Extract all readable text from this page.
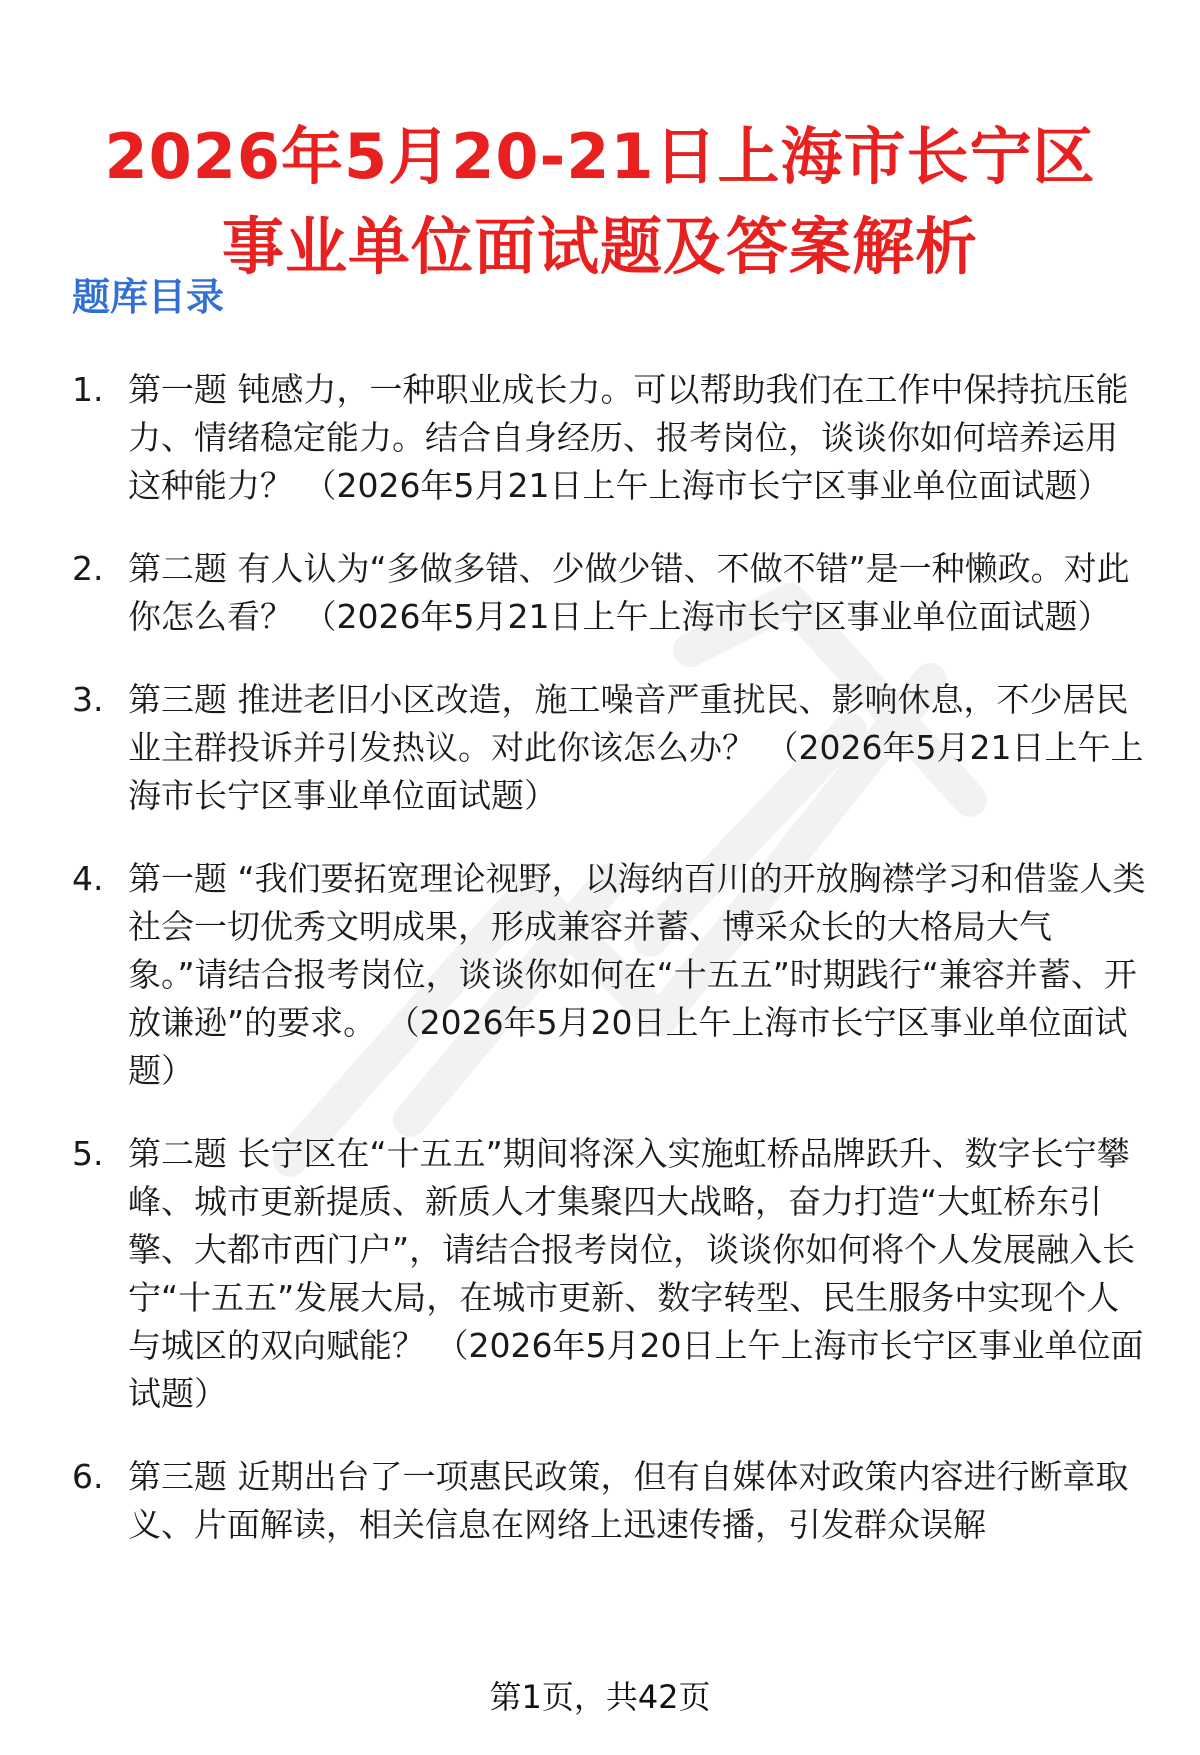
2026年5月20-21日上海市长宁区
事业单位面试题及答案解析
题库目录
1. 第一题 钝感力，一种职业成长力。可以帮助我们在工作中保持抗压能力、情绪稳定能力。结合自身经历、报考岗位，谈谈你如何培养运用这种能力？ （2026年5月21日上午上海市长宁区事业单位面试题）
2. 第二题 有人认为“多做多错、少做少错、不做不错”是一种懒政。对此你怎么看？ （2026年5月21日上午上海市长宁区事业单位面试题）
3. 第三题 推进老旧小区改造，施工噪音严重扰民、影响休息，不少居民业主群投诉并引发热议。对此你该怎么办？ （2026年5月21日上午上海市长宁区事业单位面试题）
4. 第一题 “我们要拓宽理论视野，以海纳百川的开放胸襟学习和借鉴人类社会一切优秀文明成果，形成兼容并蓄、博采众长的大格局大气象。”请结合报考岗位，谈谈你如何在“十五五”时期践行“兼容并蓄、开放谦逊”的要求。 （2026年5月20日上午上海市长宁区事业单位面试题）
5. 第二题 长宁区在“十五五”期间将深入实施虹桥品牌跃升、数字长宁攀峰、城市更新提质、新质人才集聚四大战略，奋力打造“大虹桥东引擎、大都市西门户”，请结合报考岗位，谈谈你如何将个人发展融入长宁“十五五”发展大局，在城市更新、数字转型、民生服务中实现个人与城区的双向赋能？ （2026年5月20日上午上海市长宁区事业单位面试题）
6. 第三题 近期出台了一项惠民政策，但有自媒体对政策内容进行断章取义、片面解读，相关信息在网络上迅速传播，引发群众误解
第1页，共42页
